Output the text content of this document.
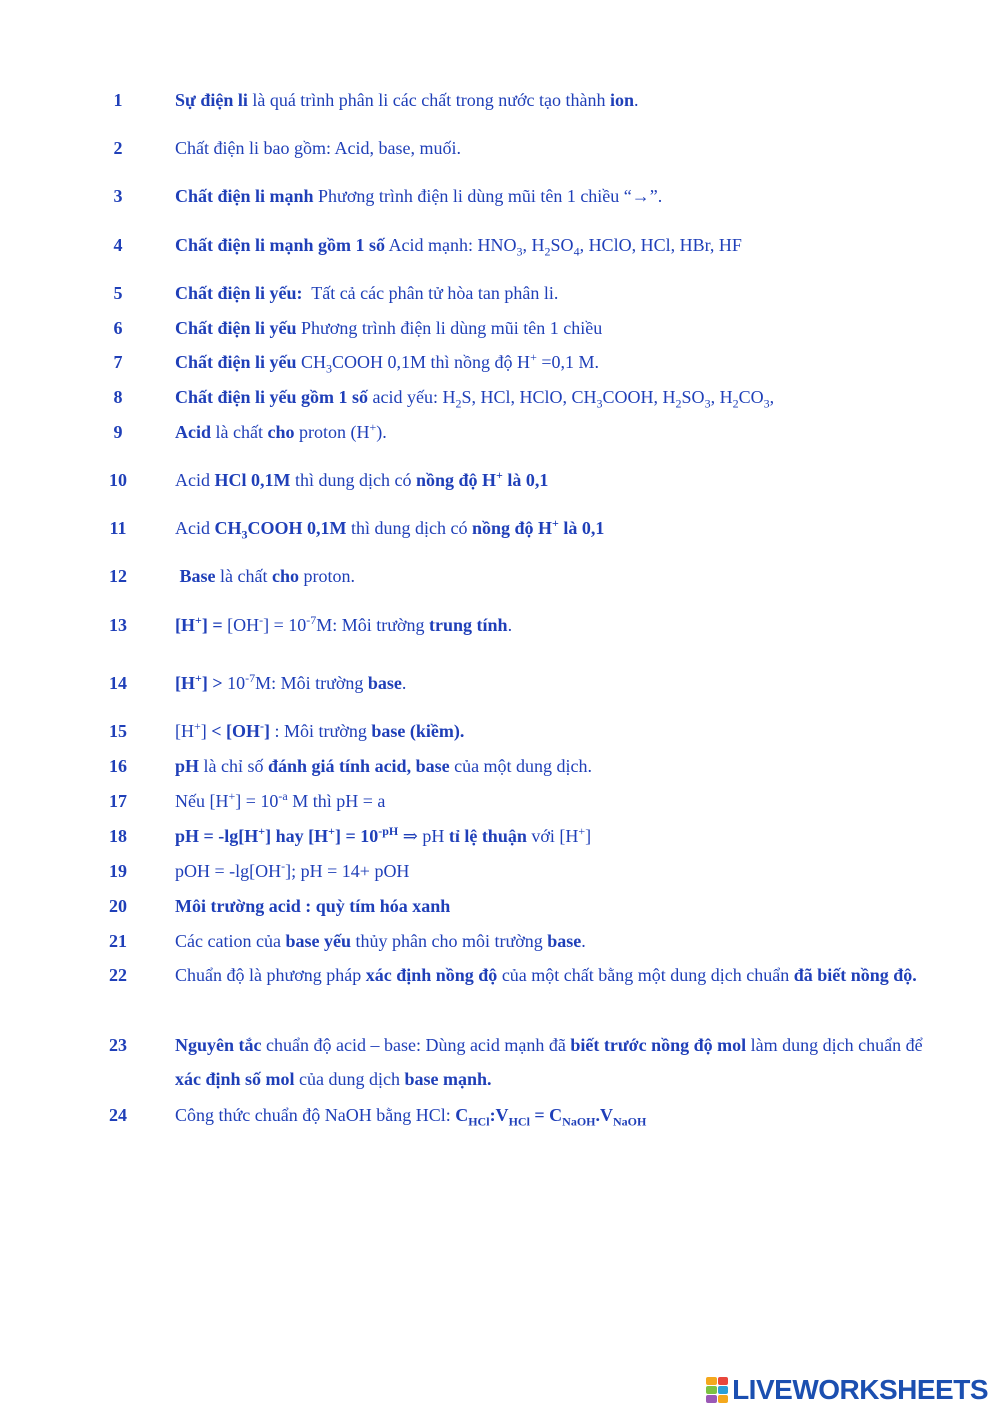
1	Sự điện li là quá trình phân li các chất trong nước tạo thành ion.
2	Chất điện li bao gồm: Acid, base, muối.
3	Chất điện li mạnh Phương trình điện li dùng mũi tên 1 chiều “→”.
4	Chất điện li mạnh gồm 1 số Acid mạnh: $HNO_3$, $H_2SO_4$, HClO, HCl, HBr, HF
5	Chất điện li yếu: Tất cả các phân tử hòa tan phân li.
6	Chất điện li yếu Phương trình điện li dùng mũi tên 1 chiều
7	Chất điện li yếu $CH_3COOH$ 0,1M thì nồng độ H+ =0,1 M.
8	Chất điện li yếu gồm 1 số acid yếu: $H_2S$, HCl, HClO, $CH_3COOH$, $H_2SO_3$, $H_2CO_3$,
9	Acid là chất cho proton (H+).
10	Acid HCl 0,1M thì dung dịch có nồng độ H+ là 0,1
11	Acid $CH_3COOH$ 0,1M thì dung dịch có nồng độ H+ là 0,1
12	Base là chất cho proton.
13	$[H^+] = [OH^-] = 10^{-7}M$: Môi trường trung tính.
14	$[H^+] > 10^{-7}M$: Môi trường base.
15	[H+] < [OH-] : Môi trường base (kiềm).
16	pH là chỉ số đánh giá tính acid, base của một dung dịch.
17	Nếu $[H^+] = 10^{-a}$ M thì pH = a
18	pH = -lg[H+] hay $[H^+] = 10^{-pH}$ ⇒ pH tỉ lệ thuận với [H+]
19	pOH = -lg[OH-]; pH = 14+ pOH
20	Môi trường acid : quỳ tím hóa xanh
21	Các cation của base yếu thủy phân cho môi trường base.
22	Chuẩn độ là phương pháp xác định nồng độ của một chất bằng một dung dịch chuẩn đã biết nồng độ.
23	Nguyên tắc chuẩn độ acid – base: Dùng acid mạnh đã biết trước nồng độ mol làm dung dịch chuẩn để xác định số mol của dung dịch base mạnh.
24	Công thức chuẩn độ NaOH bằng HCl: $C_{HCl}:V_{HCl} = C_{NaOH}.V_{NaOH}$
LIVEWORKSHEETS
